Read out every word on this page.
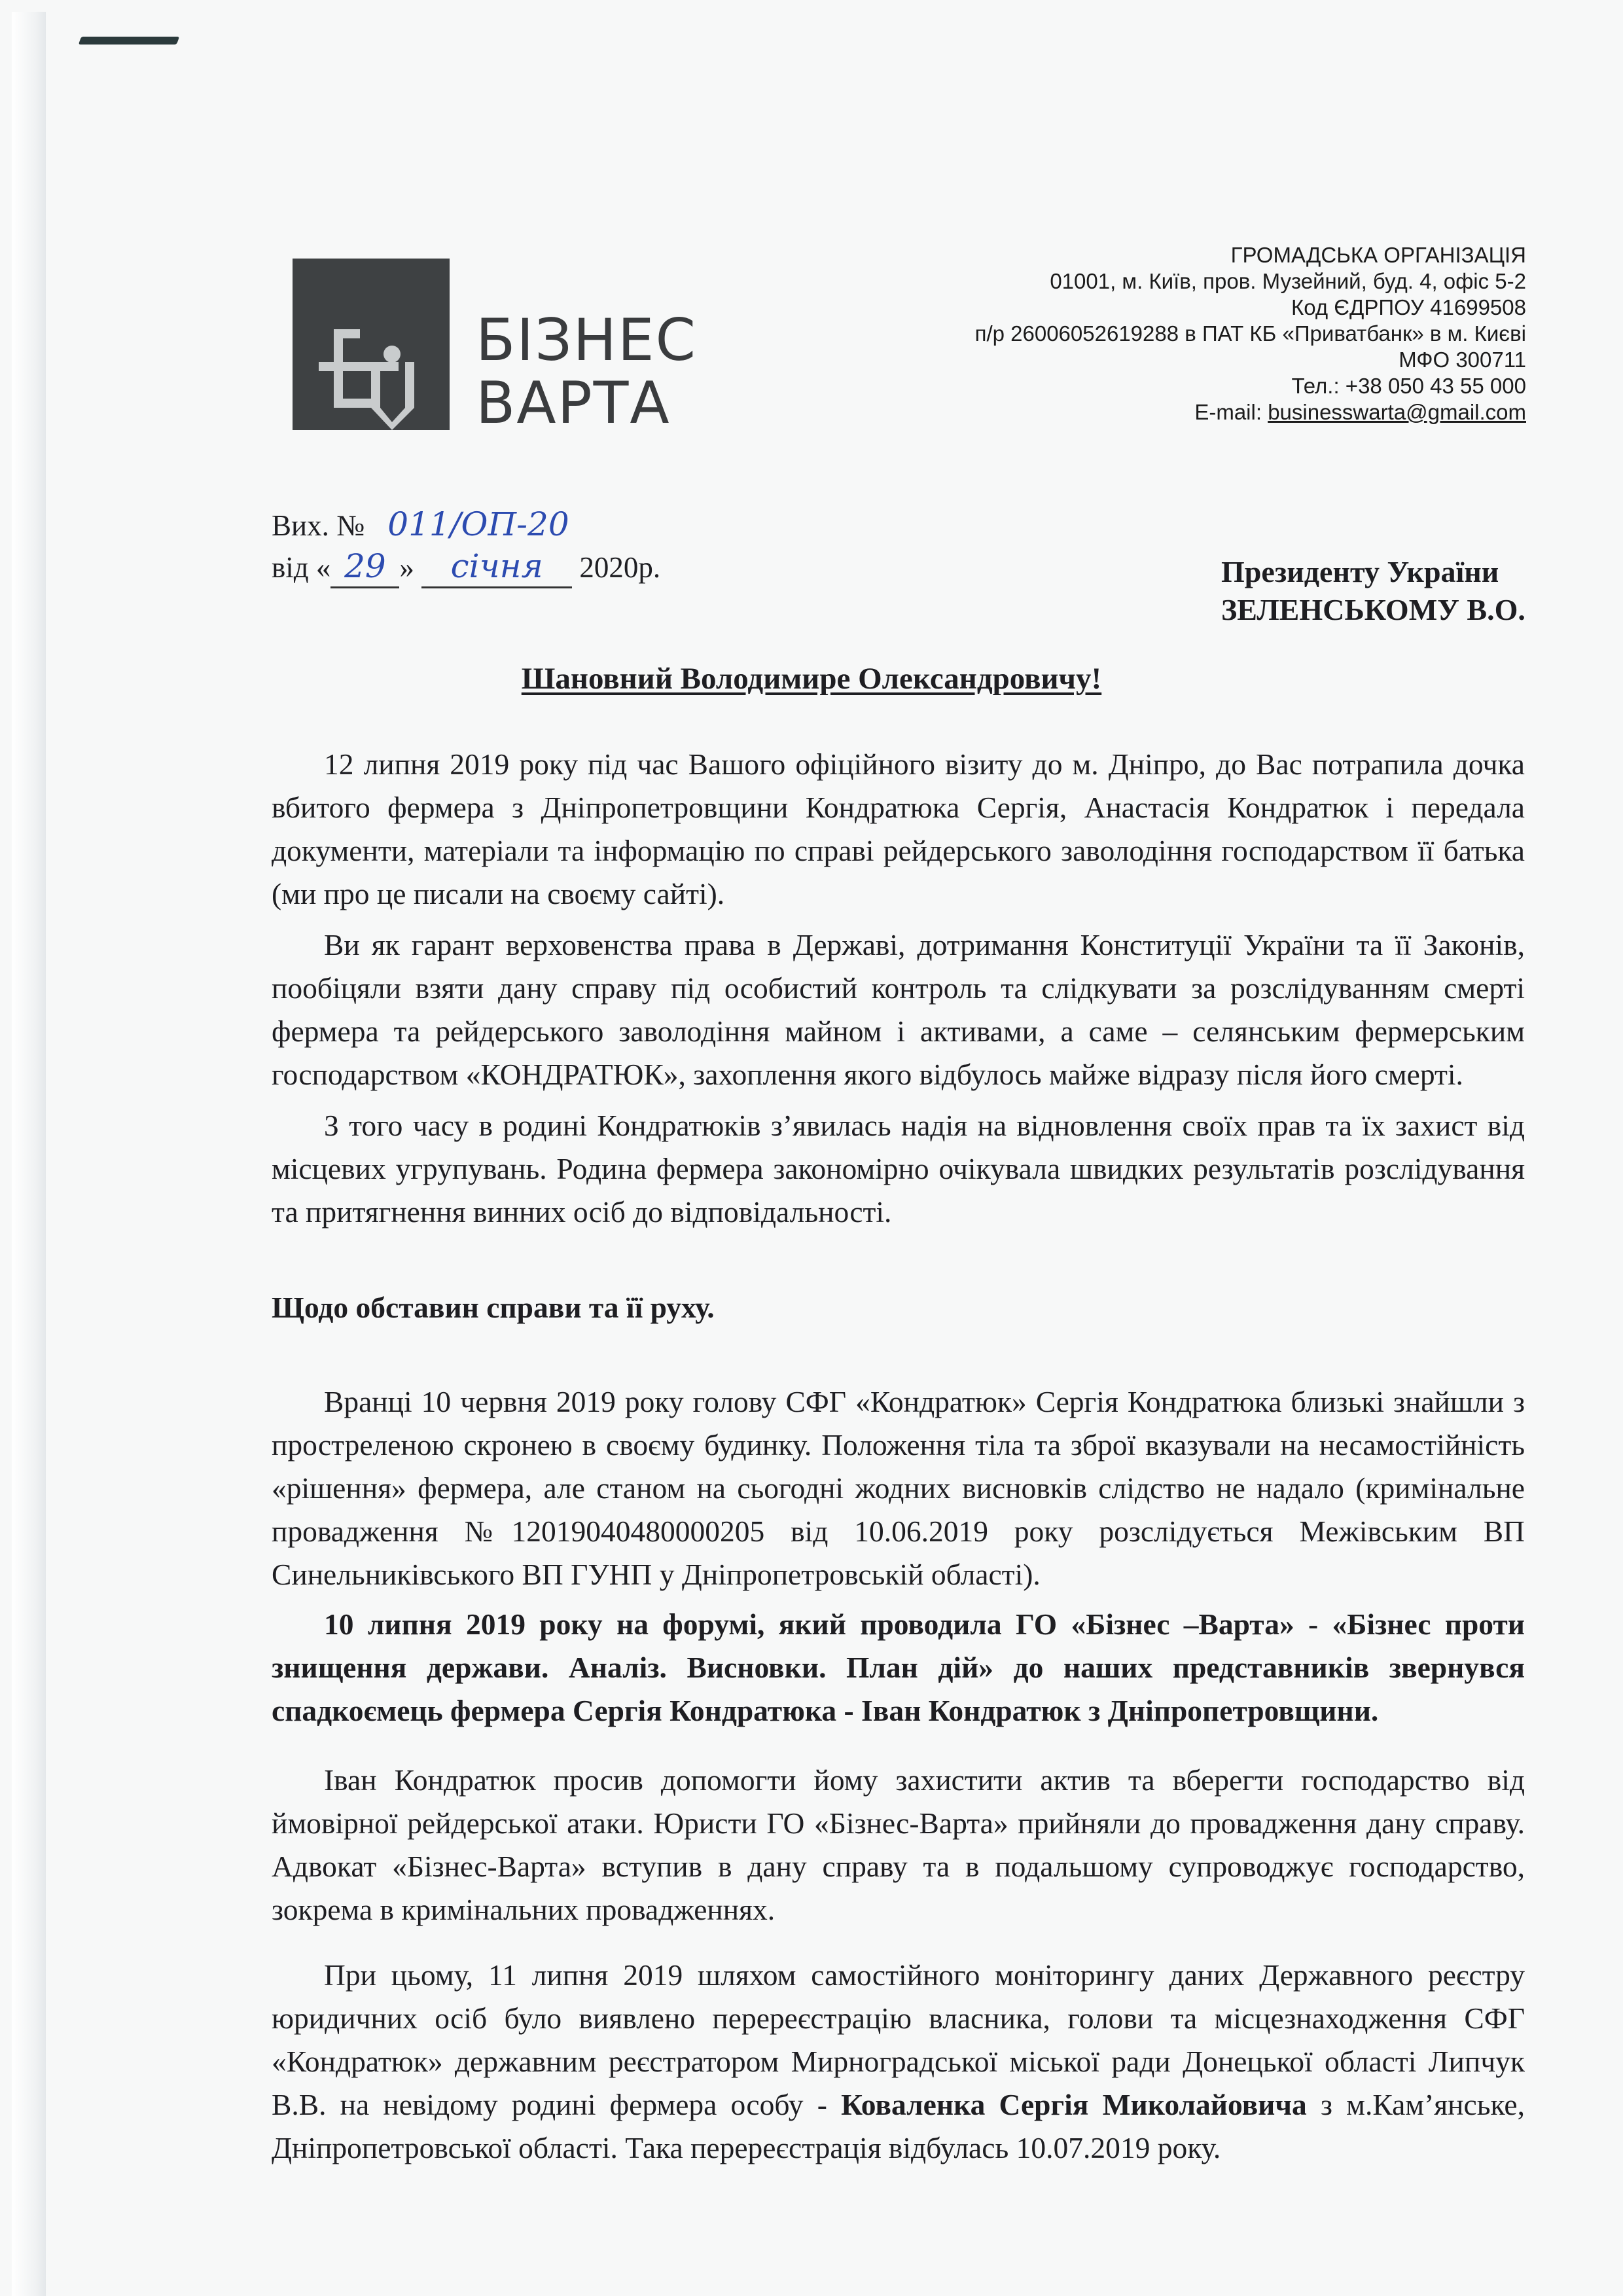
БІЗНЕС
ВАРТА
ГРОМАДСЬКА ОРГАНІЗАЦІЯ
01001, м. Київ, пров. Музейний, буд. 4, офіс 5-2
Код ЄДРПОУ 41699508
п/р 26006052619288 в ПАТ КБ «Приватбанк» в м. Києві
МФО 300711
Тел.: +38 050 43 55 000
E-mail: businesswarta@gmail.com
Вих. № 011/ОП-20
від « 29 » січня 2020р.	Президенту України
ЗЕЛЕНСЬКОМУ В.О.
Шановний Володимире Олександровичу!

12 липня 2019 року під час Вашого офіційного візиту до м. Дніпро, до Вас потрапила дочка вбитого фермера з Дніпропетровщини Кондратюка Сергія, Анастасія Кондратюк і передала документи, матеріали та інформацію по справі рейдерського заволодіння господарством її батька (ми про це писали на своєму сайті).

Ви як гарант верховенства права в Державі, дотримання Конституції України та її Законів, пообіцяли взяти дану справу під особистий контроль та слідкувати за розслідуванням смерті фермера та рейдерського заволодіння майном і активами, а саме – селянським фермерським господарством «КОНДРАТЮК», захоплення якого відбулось майже відразу після його смерті.

З того часу в родині Кондратюків з’явилась надія на відновлення своїх прав та їх захист від місцевих угрупувань. Родина фермера закономірно очікувала швидких результатів розслідування та притягнення винних осіб до відповідальності.

Щодо обставин справи та її руху.

Вранці 10 червня 2019 року голову СФГ «Кондратюк» Сергія Кондратюка близькі знайшли з простреленою скронею в своєму будинку. Положення тіла та зброї вказували на несамостійність «рішення» фермера, але станом на сьогодні жодних висновків слідство не надало (кримінальне провадження №12019040480000205 від 10.06.2019 року розслідується Межівським ВП Синельниківського ВП ГУНП у Дніпропетровській області).

10 липня 2019 року на форумі, який проводила ГО «Бізнес –Варта» - «Бізнес проти знищення держави. Аналіз. Висновки. План дій» до наших представників звернувся спадкоємець фермера Сергія Кондратюка - Іван Кондратюк з Дніпропетровщини.

Іван Кондратюк просив допомогти йому захистити актив та вберегти господарство від ймовірної рейдерської атаки. Юристи ГО «Бізнес-Варта» прийняли до провадження дану справу. Адвокат «Бізнес-Варта» вступив в дану справу та в подальшому супроводжує господарство, зокрема в кримінальних провадженнях.

При цьому, 11 липня 2019 шляхом самостійного моніторингу даних Державного реєстру юридичних осіб було виявлено перереєстрацію власника, голови та місцезнаходження СФГ «Кондратюк» державним реєстратором Мирноградської міської ради Донецької області Липчук В.В. на невідому родині фермера особу - Коваленка Сергія Миколайовича з м.Кам’янське, Дніпропетровської області. Така перереєстрація відбулась 10.07.2019 року.
